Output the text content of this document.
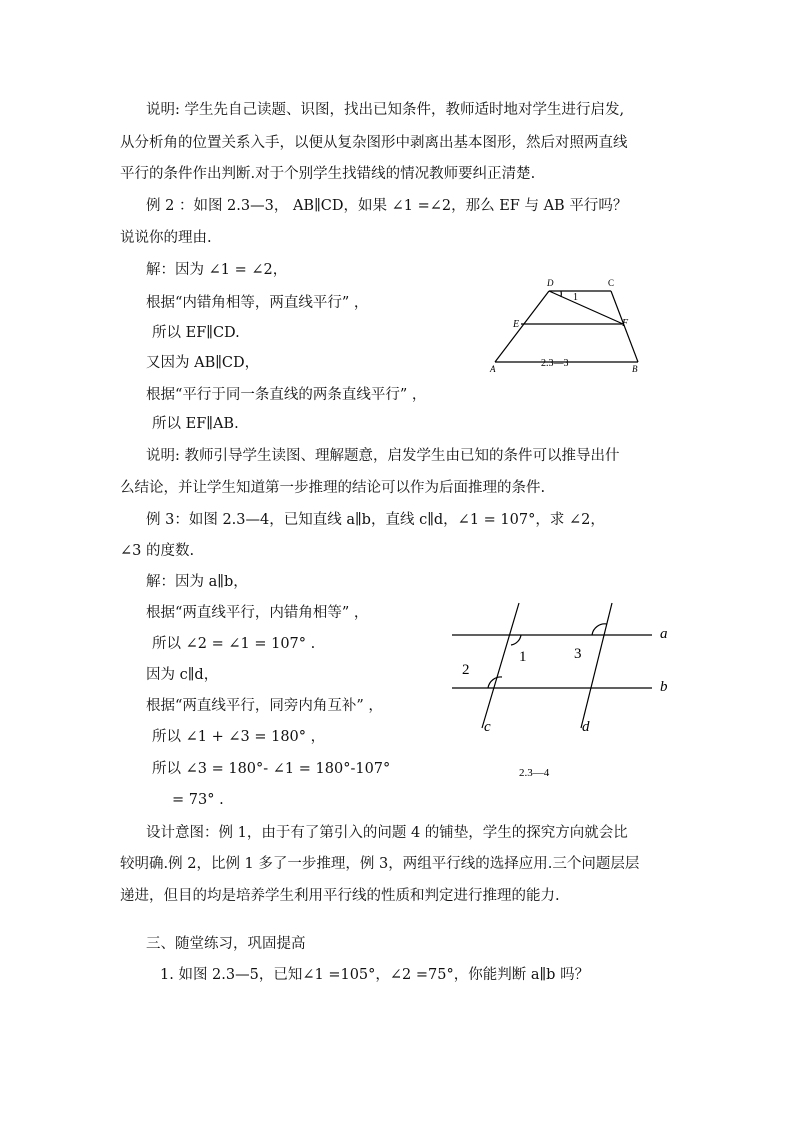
说明: 学生先自己读题、识图，找出已知条件，教师适时地对学生进行启发,
从分析角的位置关系入手，以便从复杂图形中剥离出基本图形，然后对照两直线
平行的条件作出判断.对于个别学生找错线的情况教师要纠正清楚.
例 2 ：如图 2.3—3， AB∥CD，如果 ∠1 =∠2，那么 EF 与 AB 平行吗？
说说你的理由.
解：因为 ∠1 = ∠2，
根据“内错角相等，两直线平行” ，
所以 EF∥CD.
又因为 AB∥CD，
根据“平行于同一条直线的两条直线平行” ，
所以 EF∥AB.
D	C
E	F
A	B
1
2.3—3
说明: 教师引导学生读图、理解题意，启发学生由已知的条件可以推导出什
么结论，并让学生知道第一步推理的结论可以作为后面推理的条件.
例 3：如图 2.3—4，已知直线 a∥b，直线 c∥d，∠1 = 107°，求 ∠2，
∠3 的度数.
解：因为 a∥b，
根据“两直线平行，内错角相等” ，
所以 ∠2 = ∠1 = 107° .
因为 c∥d，
根据“两直线平行，同旁内角互补” ，
所以 ∠1 + ∠3 = 180° ，
所以 ∠3 = 180°- ∠1 = 180°-107°
= 73° .
a
b
c	d
1
2
3
2.3—4
设计意图：例 1，由于有了第引入的问题 4 的铺垫，学生的探究方向就会比
较明确.例 2，比例 1 多了一步推理，例 3，两组平行线的选择应用.三个问题层层
递进，但目的均是培养学生利用平行线的性质和判定进行推理的能力.
三、随堂练习，巩固提高
1. 如图 2.3—5，已知∠1 =105°，∠2 =75°，你能判断 a∥b 吗？
